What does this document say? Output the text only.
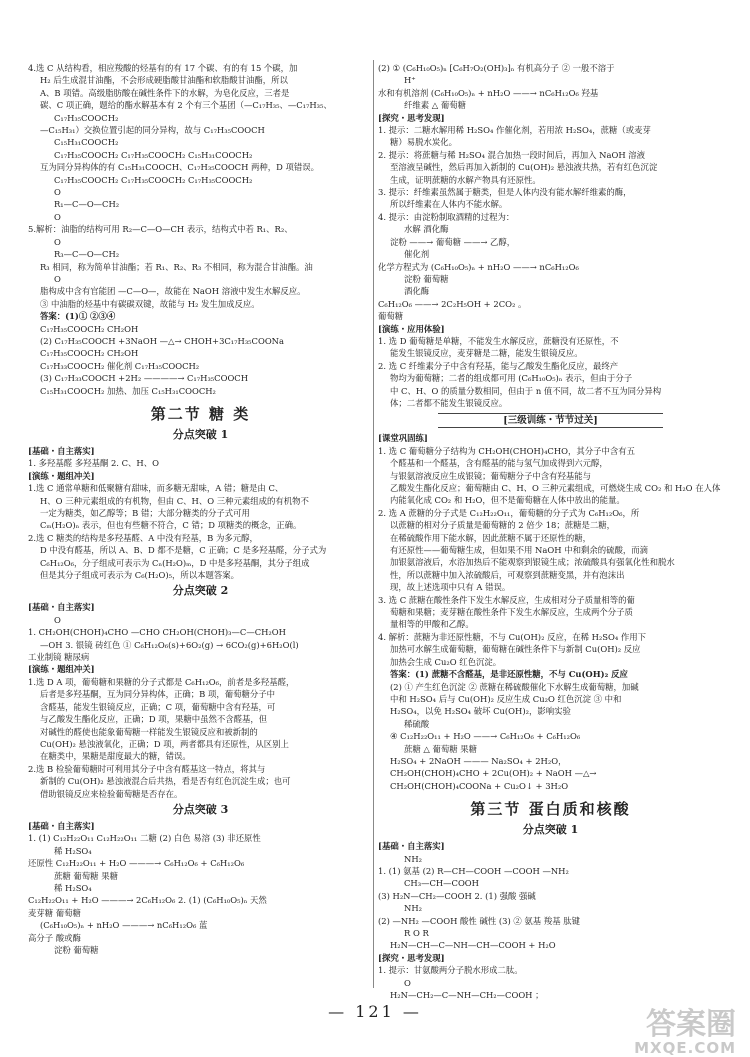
4.选 C 从结构看，相应羧酸的烃基有的有 17 个碳、有的有 15 个碳，加
H₂ 后生成混甘油酯，不会形成硬脂酸甘油酯和软脂酸甘油酯，所以
A、B 项错。高级脂肪酸在碱性条件下的水解，为皂化反应，三者是
碳、C 项正确，题给的酯水解基本有 2 个有三个基团（—C₁₇H₃₅、—C₁₇H₃₅、
C₁₇H₃₅COOCH₂
—C₁₅H₃₁）交换位置引起的同分异构，故与 C₁₇H₃₅COOCH
C₁₅H₃₁COOCH₂
C₁₇H₃₅COOCH₂ C₁₇H₃₅COOCH₂ C₁₅H₃₁COOCH₂
互为同分异构体的有 C₁₅H₃₁COOCH、C₁₇H₃₅COOCH 两种，D 项错误。
C₁₇H₃₅COOCH₂ C₁₇H₃₅COOCH₂ C₁₇H₃₅COOCH₂
O
R₁—C—O—CH₂
O
5.解析：油脂的结构可用 R₂—C—O—CH 表示，结构式中若 R₁、R₂、
O
R₃—C—O—CH₂
R₃ 相同，称为简单甘油酯；若 R₁、R₂、R₃ 不相同，称为混合甘油酯。油
O
脂构成中含有官能团 —C—O—，故能在 NaOH 溶液中发生水解反应。
③ 中油脂的烃基中有碳碳双键，故能与 H₂ 发生加成反应。
答案：(1)① ②③④
C₁₇H₃₅COOCH₂ CH₂OH
(2) C₁₇H₃₅COOCH +3NaOH —△→ CHOH+3C₁₇H₃₅COONa
C₁₇H₃₅COOCH₂ CH₂OH
C₁₇H₃₃COOCH₂ 催化剂 C₁₇H₃₅COOCH₂
(3) C₁₇H₃₃COOCH +2H₂ ————→ C₁₇H₃₅COOCH
C₁₅H₃₁COOCH₂ 加热、加压 C₁₅H₃₁COOCH₂
第二节 糖 类
分点突破 1
[基础・自主落实]
1. 多羟基醛 多羟基酮 2. C、H、O
[演练・题组冲关]
1.选 C 通常单糖和低聚糖有甜味，而多糖无甜味，A 错；糖是由 C、
H、O 三种元素组成的有机物，但由 C、H、O 三种元素组成的有机物不
一定为糖类，如乙醇等；B 错；大部分糖类的分子式可用
Cₘ(H₂O)ₙ 表示，但也有些糖不符合，C 错；D 项糖类的概念，正确。
2.选 C 糖类的结构是多羟基醛、A 中没有羟基，B 为多元醇，
D 中没有醛基，所以 A、B、D 都不是糖，C 正确；C 是多羟基醛，分子式为
C₆H₁₂O₆，分子组成可表示为 Cₙ(H₂O)ₘ，D 中是多羟基酮，其分子组成
但是其分子组成可表示为 C₆(H₂O)₅，所以本题答案。
分点突破 2
[基础・自主落实]
O
1. CH₂OH(CHOH)₄CHO —CHO CH₂OH(CHOH)₃—C—CH₂OH
—OH 3. 银镜 砖红色 ① C₆H₁₂O₆(s)+6O₂(g) → 6CO₂(g)+6H₂O(l)
工业制镜 糖尿病
[演练・题组冲关]
1.选 D A 项，葡萄糖和果糖的分子式都是 C₆H₁₂O₆，前者是多羟基醛，
后者是多羟基酮，互为同分异构体，正确；B 项，葡萄糖分子中
含醛基，能发生银镜反应，正确；C 项，葡萄糖中含有羟基，可
与乙酸发生酯化反应，正确；D 项，果糖中虽然不含醛基，但
对碱性的醛使也能象葡萄糖一样能发生银镜反应和被新制的
Cu(OH)₂ 悬浊液氧化，正确；D 项，两者都具有还原性，从区别上
在糖类中，果糖是甜度最大的糖，错误。
2.选 B 检验葡萄糖时可利用其分子中含有醛基这一特点，将其与
新制的 Cu(OH)₂ 悬浊液混合后共热，看是否有红色沉淀生成；也可
借助银镜反应来检验葡萄糖是否存在。
分点突破 3
[基础・自主落实]
1. (1) C₁₂H₂₂O₁₁ C₁₂H₂₂O₁₁ 二糖 (2) 白色 易溶 (3) 非还原性
稀 H₂SO₄
还原性 C₁₂H₂₂O₁₁ + H₂O ———→ C₆H₁₂O₆ + C₆H₁₂O₆
蔗糖 葡萄糖 果糖
稀 H₂SO₄
C₁₂H₂₂O₁₁ + H₂O ———→ 2C₆H₁₂O₆ 2. (1) (C₆H₁₀O₅)ₙ 天然
麦芽糖 葡萄糖
(C₆H₁₀O₅)ₙ + nH₂O ———→ nC₆H₁₂O₆ 蓝
高分子 酸或酶
淀粉 葡萄糖
(2) ① (C₆H₁₀O₅)ₙ [C₆H₇O₂(OH)₃]ₙ 有机高分子 ② 一般不溶于
H⁺
水和有机溶剂 (C₆H₁₀O₅)ₙ + nH₂O ——→ nC₆H₁₂O₆ 羟基
纤维素 △ 葡萄糖
[探究・思考发现]
1. 提示：二糖水解用稀 H₂SO₄ 作催化剂，若用浓 H₂SO₄，蔗糖（或麦芽
糖）易脱水炭化。
2. 提示：将蔗糖与稀 H₂SO₄ 混合加热一段时间后，再加入 NaOH 溶液
至溶液呈碱性，然后再加入新制的 Cu(OH)₂ 悬浊液共热，若有红色沉淀
生成，证明蔗糖的水解产物具有还原性。
3. 提示：纤维素虽然属于糖类，但是人体内没有能水解纤维素的酶，
所以纤维素在人体内不能水解。
4. 提示：由淀粉制取酒精的过程为：
水解 酒化酶
淀粉 ——→ 葡萄糖 ——→ 乙醇，
催化剂
化学方程式为 (C₆H₁₀O₅)ₙ + nH₂O ——→ nC₆H₁₂O₆
淀粉 葡萄糖
酒化酶
C₆H₁₂O₆ ——→ 2C₂H₅OH + 2CO₂ 。
葡萄糖
[演练・应用体验]
1. 选 D 葡萄糖是单糖，不能发生水解反应，蔗糖没有还原性，不
能发生银镜反应，麦芽糖是二糖，能发生银镜反应。
2. 选 C 纤维素分子中含有羟基，能与乙酸发生酯化反应，最终产
物均为葡萄糖；二者的组成都可用 (C₆H₁₀O₅)ₙ 表示，但由于分子
中 C、H、O 的质量分数相同，但由于 n 值不同，故二者不互为同分异构
体；二者都不能发生银镜反应。
[三级训练・节节过关]
[课堂巩固练]
1. 选 C 葡萄糖分子结构为 CH₂OH(CHOH)₄CHO，其分子中含有五
个醛基和一个醛基，含有醛基的能与氢气加成得到六元醇，
与银氨溶液反应生成银镜；葡萄糖分子中含有羟基能与
乙酸发生酯化反应；葡萄糖由 C、H、O 三种元素组成，可燃烧生成 CO₂ 和 H₂O 在人体
内能氧化成 CO₂ 和 H₂O，但不是葡萄糖在人体中放出的能量。
2. 选 A 蔗糖的分子式是 C₁₂H₂₂O₁₁，葡萄糖的分子式为 C₆H₁₂O₆，所
以蔗糖的相对分子质量是葡萄糖的 2 倍少 18；蔗糖是二糖，
在稀硫酸作用下能水解，因此蔗糖不属于还原性的糖，
有还原性——葡萄糖生成，但如果不用 NaOH 中和剩余的硫酸，而滴
加银氨溶液后，水浴加热后不能观察到银镜生成；浓硫酸具有强氧化性和脱水
性，所以蔗糖中加入浓硫酸后，可观察到蔗糖变黑，并有泡沫出
现，故上述选项中只有 A 错误。
3. 选 C 蔗糖在酸性条件下发生水解反应，生成相对分子质量相等的葡
萄糖和果糖；麦芽糖在酸性条件下发生水解反应，生成两个分子质
量相等的甲酸和乙醇。
4. 解析：蔗糖为非还原性糖，不与 Cu(OH)₂ 反应，在稀 H₂SO₄ 作用下
加热可水解生成葡萄糖，葡萄糖在碱性条件下与新制 Cu(OH)₂ 反应
加热会生成 Cu₂O 红色沉淀。
答案：(1) 蔗糖不含醛基，是非还原性糖，不与 Cu(OH)₂ 反应
(2) ① 产生红色沉淀 ② 蔗糖在稀硫酸催化下水解生成葡萄糖，加碱
中和 H₂SO₄ 后与 Cu(OH)₂ 反应生成 Cu₂O 红色沉淀 ③ 中和
H₂SO₄，以免 H₂SO₄ 破坏 Cu(OH)₂，影响实验
稀硫酸
④ C₁₂H₂₂O₁₁ + H₂O ——→ C₆H₁₂O₆ + C₆H₁₂O₆
蔗糖 △ 葡萄糖 果糖
H₂SO₄ + 2NaOH ——— Na₂SO₄ + 2H₂O，
CH₂OH(CHOH)₄CHO + 2Cu(OH)₂ + NaOH —△→
CH₂OH(CHOH)₄COONa + Cu₂O↓ + 3H₂O
第三节 蛋白质和核酸
分点突破 1
[基础・自主落实]
NH₂
1. (1) 氨基 (2) R—CH—COOH —COOH —NH₂
CH₃—CH—COOH
(3) H₂N—CH₂—COOH 2. (1) 强酸 强碱
NH₂
(2) —NH₂ —COOH 酸性 碱性 (3) ② 氨基 羧基 肽键
R O R
H₂N—CH—C—NH—CH—COOH + H₂O
[探究・思考发现]
1. 提示：甘氨酸两分子脱水形成二肽。
O
H₂N—CH₂—C—NH—CH₂—COOH ；
— 121 —	答案圈
MXQE.COM
